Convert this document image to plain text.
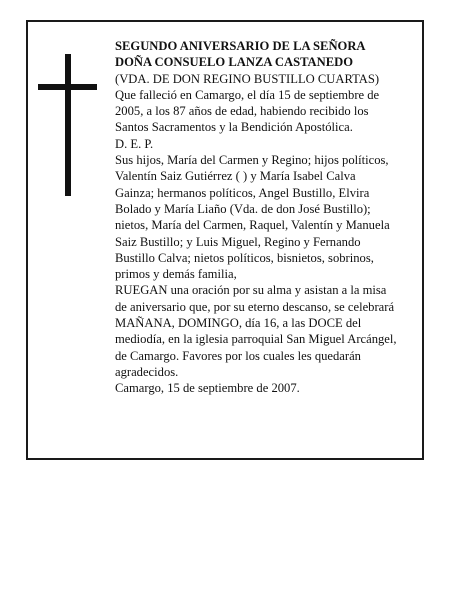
SEGUNDO ANIVERSARIO DE LA SEÑORA

DOÑA CONSUELO LANZA CASTANEDO

(VDA. DE DON REGINO BUSTILLO CUARTAS)

Que falleció en Camargo, el día 15 de septiembre de

2005, a los 87 años de edad, habiendo recibido los

Santos Sacramentos y la Bendición Apostólica.

D. E. P.

Sus hijos, María del Carmen y Regino; hijos políticos,

Valentín Saiz Gutiérrez ( ) y María Isabel Calva

Gainza; hermanos políticos, Angel Bustillo, Elvira

Bolado y María Liaño (Vda. de don José Bustillo);

nietos, María del Carmen, Raquel, Valentín y Manuela

Saiz Bustillo; y Luis Miguel, Regino y Fernando

Bustillo Calva; nietos políticos, bisnietos, sobrinos,

primos y demás familia,

RUEGAN una oración por su alma y asistan a la misa

de aniversario que, por su eterno descanso, se celebrará

MAÑANA, DOMINGO, día 16, a las DOCE del

mediodía, en la iglesia parroquial San Miguel Arcángel,

de Camargo. Favores por los cuales les quedarán

agradecidos.

Camargo, 15 de septiembre de 2007.
